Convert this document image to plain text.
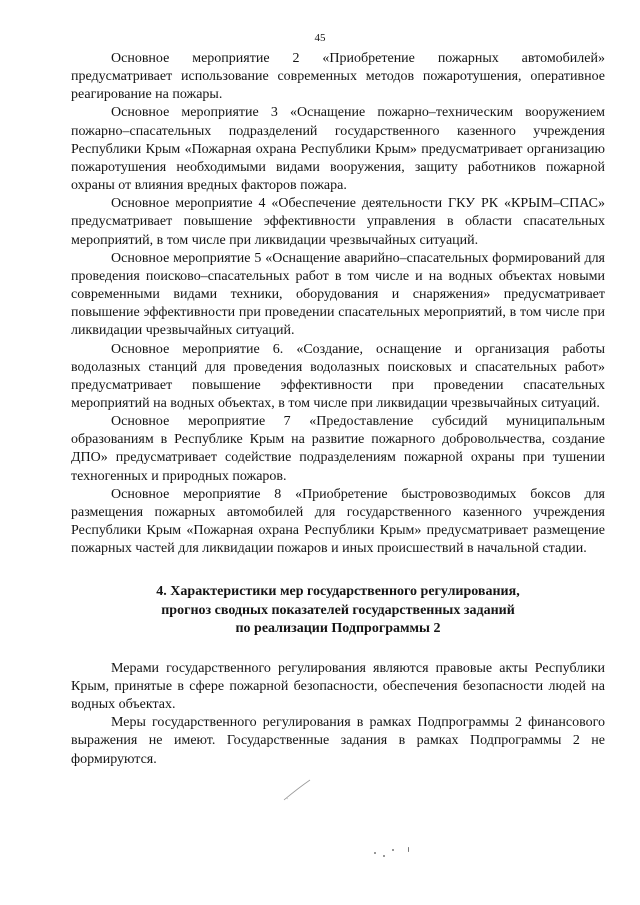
45

Основное мероприятие 2 «Приобретение пожарных автомобилей» предусматривает использование современных методов пожаротушения, оперативное реагирование на пожары.

Основное мероприятие 3 «Оснащение пожарно–техническим вооружением пожарно–спасательных подразделений государственного казенного учреждения Республики Крым «Пожарная охрана Республики Крым» предусматривает организацию пожаротушения необходимыми видами вооружения, защиту работников пожарной охраны от влияния вредных факторов пожара.

Основное мероприятие 4 «Обеспечение деятельности ГКУ РК «КРЫМ–СПАС» предусматривает повышение эффективности управления в области спасательных мероприятий, в том числе при ликвидации чрезвычайных ситуаций.

Основное мероприятие 5 «Оснащение аварийно–спасательных формирований для проведения поисково–спасательных работ в том числе и на водных объектах новыми современными видами техники, оборудования и снаряжения» предусматривает повышение эффективности при проведении спасательных мероприятий, в том числе при ликвидации чрезвычайных ситуаций.

Основное мероприятие 6. «Создание, оснащение и организация работы водолазных станций для проведения водолазных поисковых и спасательных работ» предусматривает повышение эффективности при проведении спасательных мероприятий на водных объектах, в том числе при ликвидации чрезвычайных ситуаций.

Основное мероприятие 7 «Предоставление субсидий муниципальным образованиям в Республике Крым на развитие пожарного добровольчества, создание ДПО» предусматривает содействие подразделениям пожарной охраны при тушении техногенных и природных пожаров.

Основное мероприятие 8 «Приобретение быстровозводимых боксов для размещения пожарных автомобилей для государственного казенного учреждения Республики Крым «Пожарная охрана Республики Крым» предусматривает размещение пожарных частей для ликвидации пожаров и иных происшествий в начальной стадии.

4. Характеристики мер государственного регулирования,
прогноз сводных показателей государственных заданий
по реализации Подпрограммы 2

Мерами государственного регулирования являются правовые акты Республики Крым, принятые в сфере пожарной безопасности, обеспечения безопасности людей на водных объектах.

Меры государственного регулирования в рамках Подпрограммы 2 финансового выражения не имеют. Государственные задания в рамках Подпрограммы 2 не формируются.
